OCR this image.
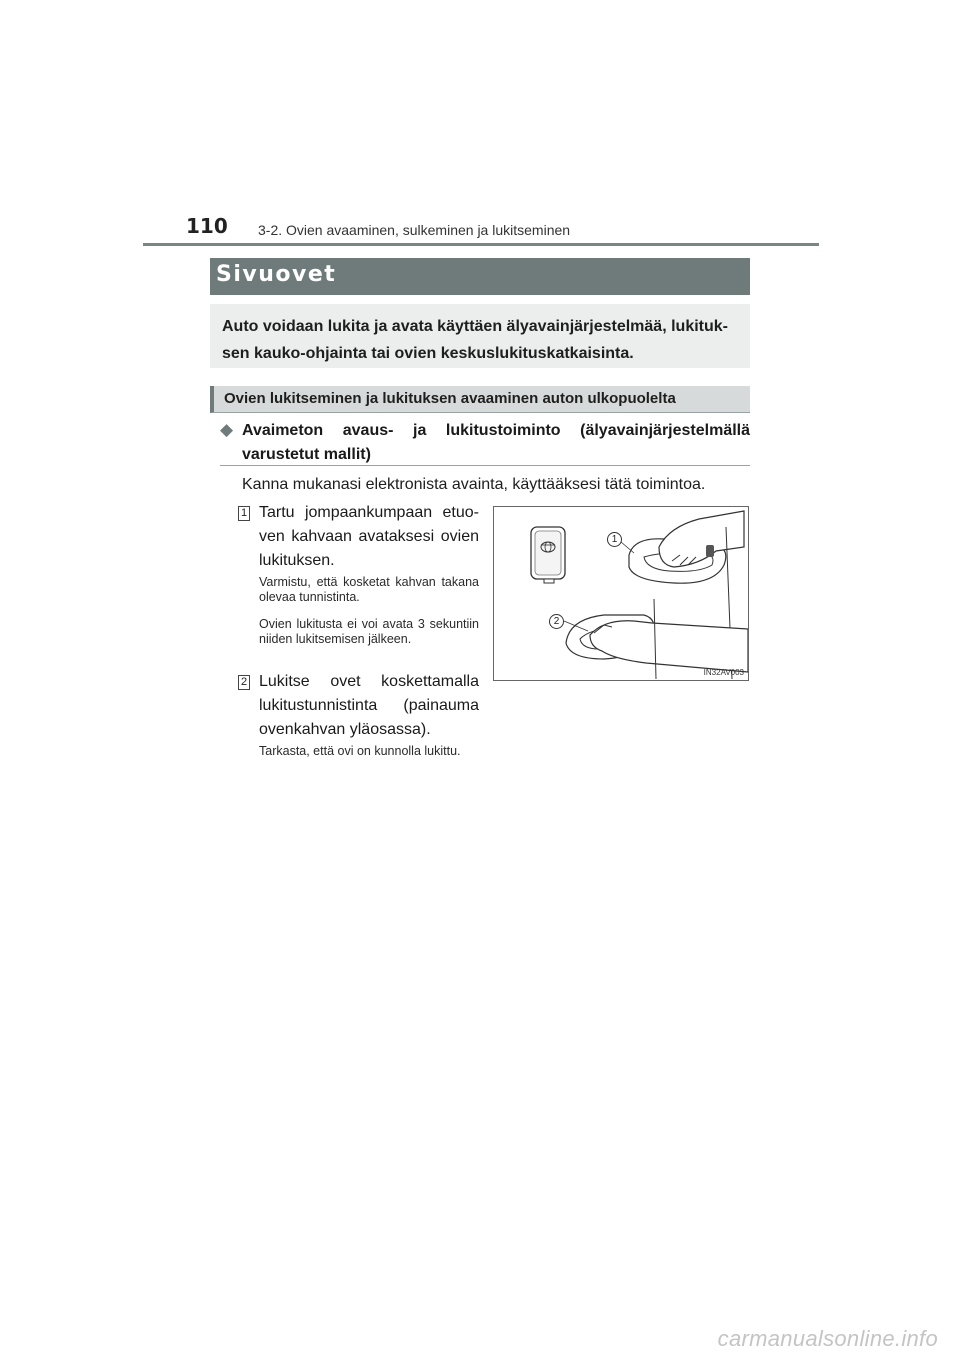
110 3-2. Ovien avaaminen, sulkeminen ja lukitseminen
Sivuovet
Auto voidaan lukita ja avata käyttäen älyavainjärjestelmää, lukituk-
sen kauko-ohjainta tai ovien keskuslukituskatkaisinta.
Ovien lukitseminen ja lukituksen avaaminen auton ulkopuolelta
◆ Avaimeton avaus- ja lukitustoiminto (älyavainjärjestelmällä varustetut mallit)
Kanna mukanasi elektronista avainta, käyttääksesi tätä toimintoa.
1 Tartu jompaankumpaan etuoven kahvaan avataksesi ovien lukituksen.
Varmistu, että kosketat kahvan takana olevaa tunnistinta.
Ovien lukitusta ei voi avata 3 sekuntiin niiden lukitsemisen jälkeen.
2 Lukitse ovet koskettamalla lukitustunnistinta (painauma ovenkahvan yläosassa).
Tarkasta, että ovi on kunnolla lukittu.
1
2
IN32AV003
carmanualsonline.info
